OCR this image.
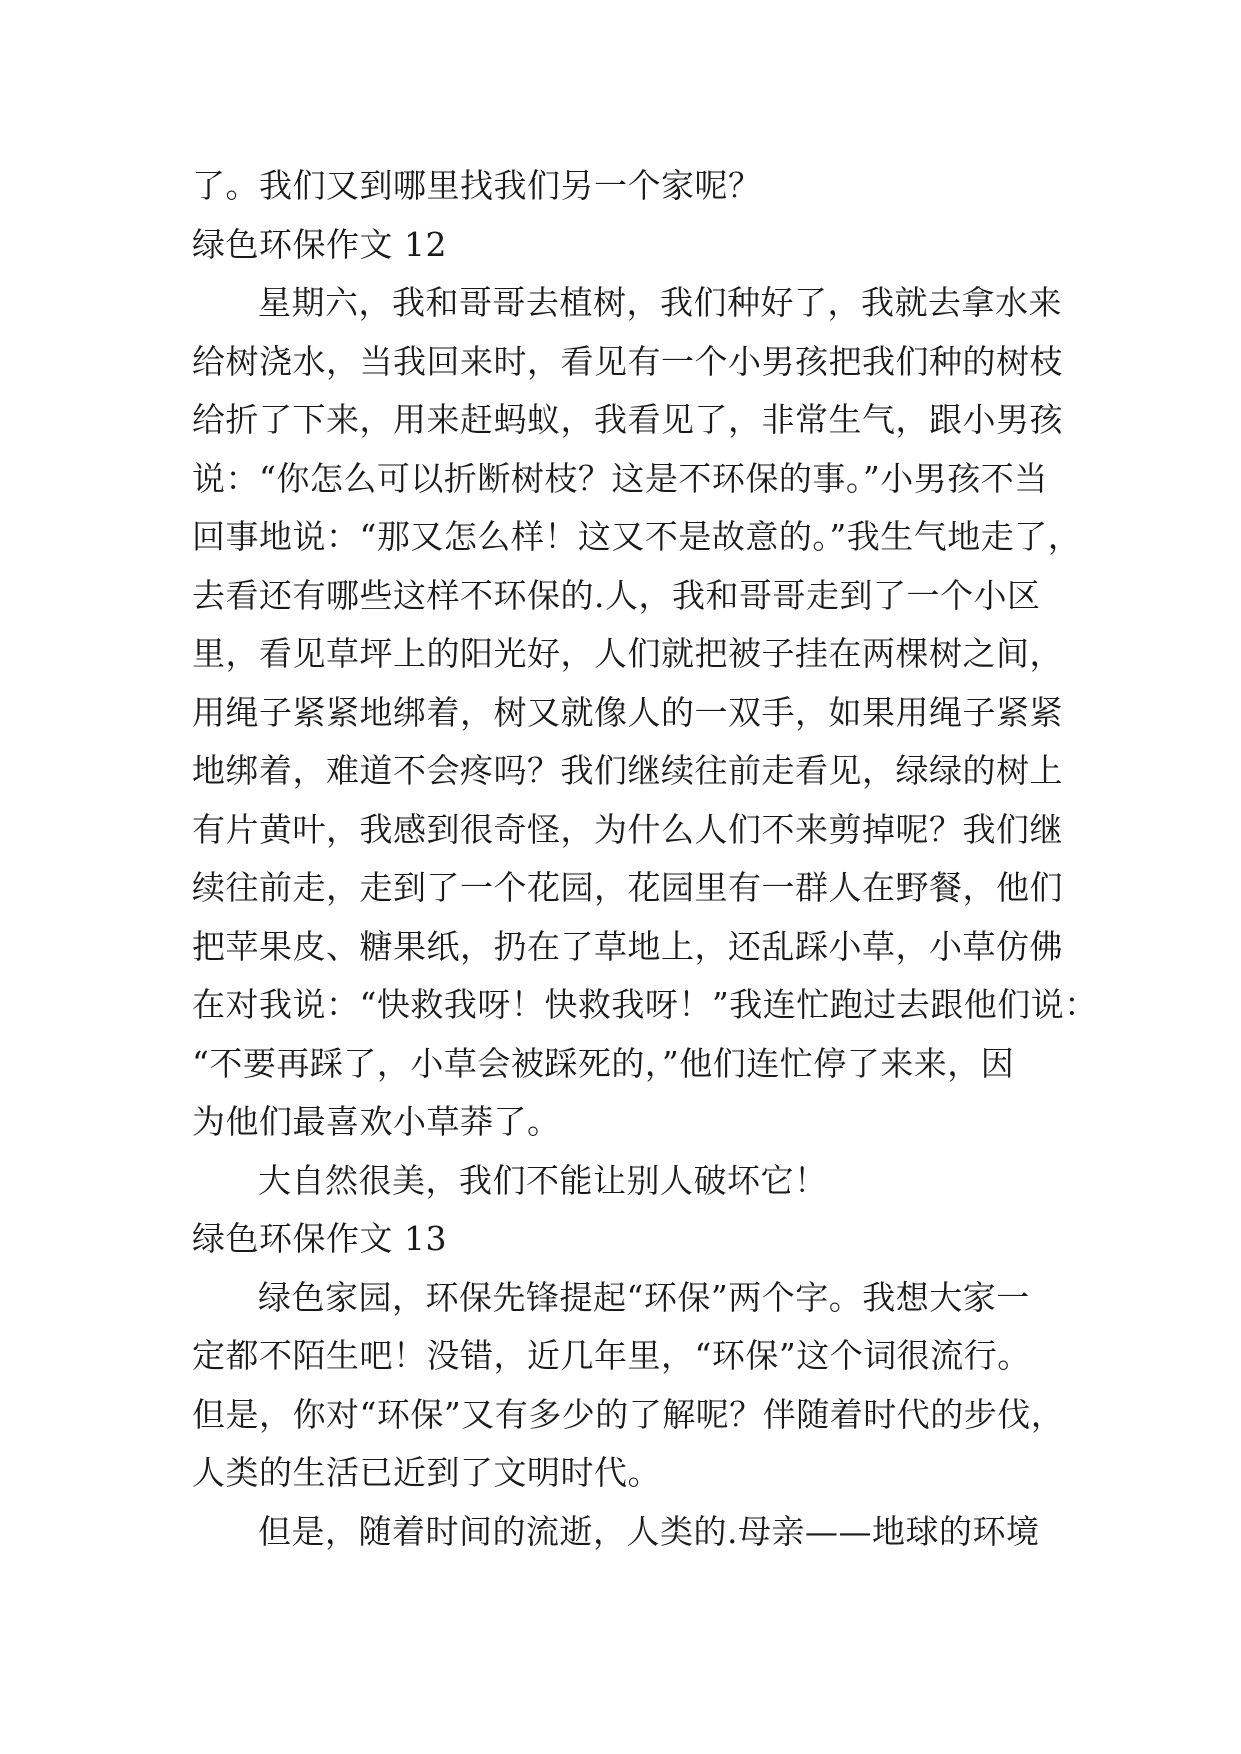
了。我们又到哪里找我们另一个家呢？
绿色环保作文 12
星期六，我和哥哥去植树，我们种好了，我就去拿水来
给树浇水，当我回来时，看见有一个小男孩把我们种的树枝
给折了下来，用来赶蚂蚁，我看见了，非常生气，跟小男孩
说：“你怎么可以折断树枝？这是不环保的事。”小男孩不当
回事地说：“那又怎么样！这又不是故意的。”我生气地走了，
去看还有哪些这样不环保的.人，我和哥哥走到了一个小区
里，看见草坪上的阳光好，人们就把被子挂在两棵树之间，
用绳子紧紧地绑着，树又就像人的一双手，如果用绳子紧紧
地绑着，难道不会疼吗？我们继续往前走看见，绿绿的树上
有片黄叶，我感到很奇怪，为什么人们不来剪掉呢？我们继
续往前走，走到了一个花园，花园里有一群人在野餐，他们
把苹果皮、糖果纸，扔在了草地上，还乱踩小草，小草仿佛
在对我说：“快救我呀！快救我呀！”我连忙跑过去跟他们说：
“不要再踩了，小草会被踩死的，”他们连忙停了来来，因
为他们最喜欢小草莽了。
大自然很美，我们不能让别人破坏它！
绿色环保作文 13
绿色家园，环保先锋提起“环保”两个字。我想大家一
定都不陌生吧！没错，近几年里，“环保”这个词很流行。
但是，你对“环保”又有多少的了解呢？伴随着时代的步伐，
人类的生活已近到了文明时代。
但是，随着时间的流逝，人类的.母亲——地球的环境
